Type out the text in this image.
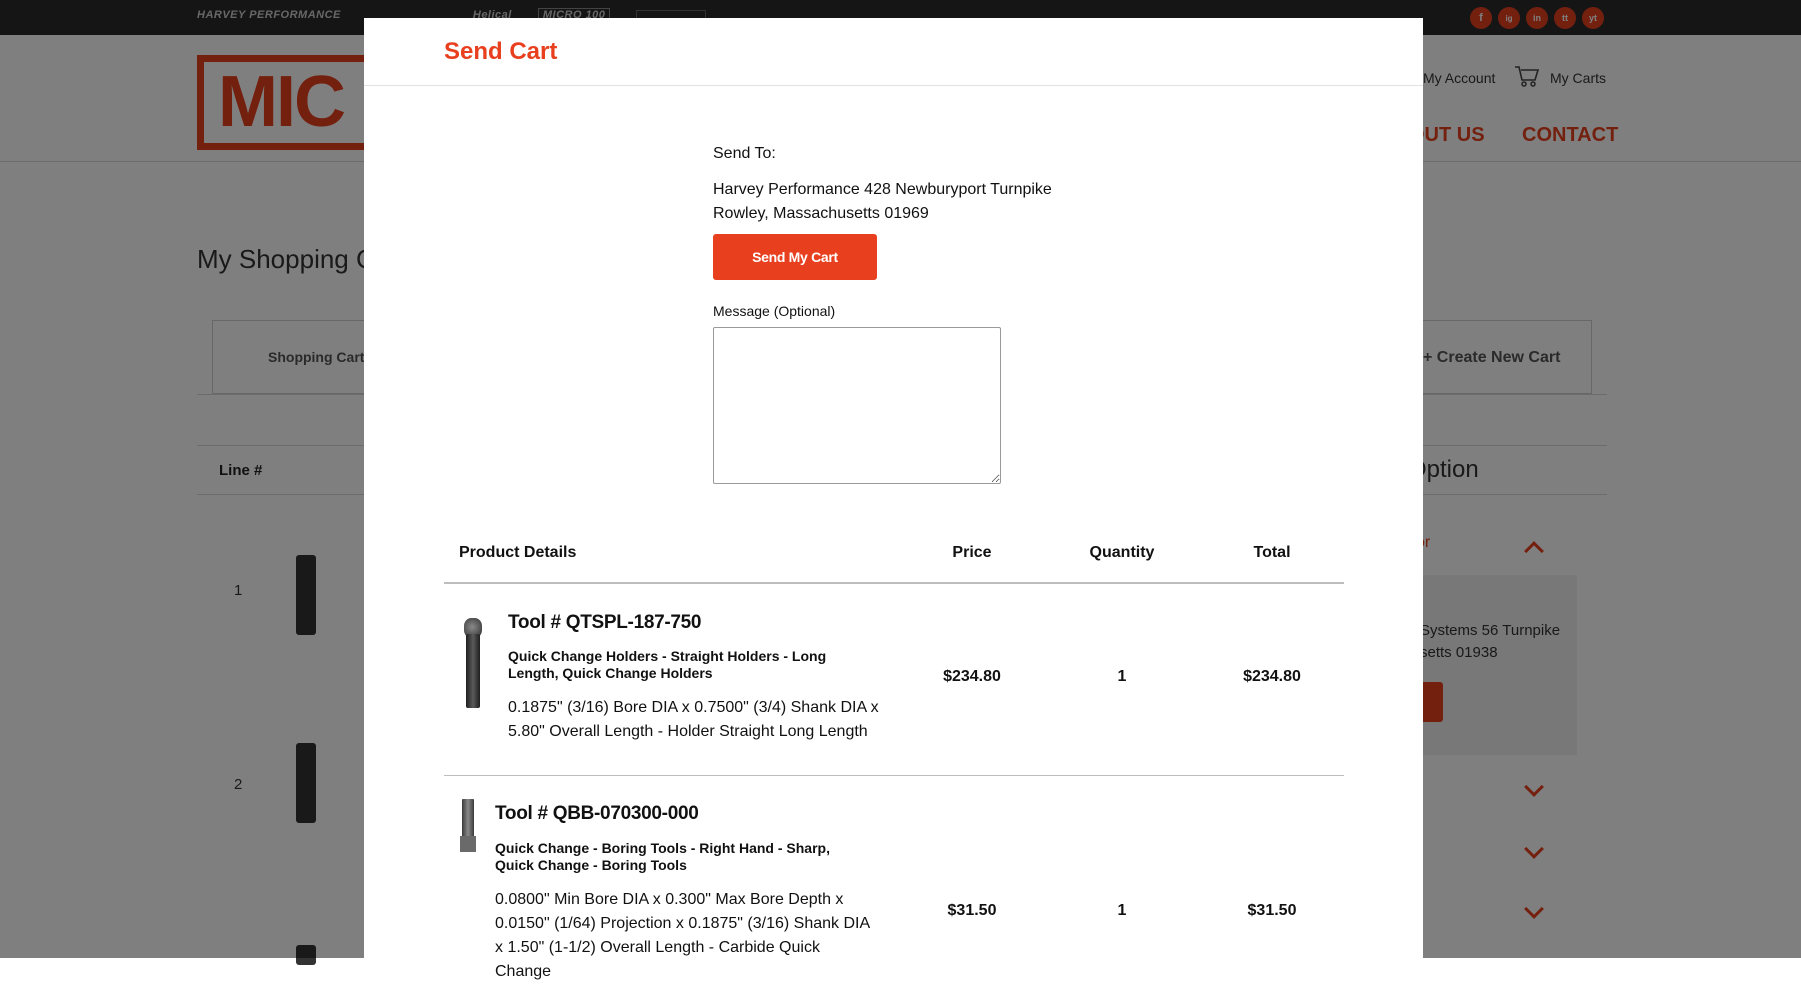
Send Cart
Send To:
Harvey Performance 428 Newburyport Turnpike
Rowley, Massachusetts 01969
Send My Cart
Message (Optional)
Product Details	Price	Quantity	Total
Tool # QTSPL-187-750
Quick Change Holders - Straight Holders - Long Length, Quick Change Holders
0.1875" (3/16) Bore DIA x 0.7500" (3/4) Shank DIA x 5.80" Overall Length - Holder Straight Long Length
$234.80	1	$234.80
Tool # QBB-070300-000
Quick Change - Boring Tools - Right Hand - Sharp, Quick Change - Boring Tools
0.0800" Min Bore DIA x 0.300" Max Bore Depth x 0.0150" (1/64) Projection x 0.1875" (3/16) Shank DIA x 1.50" (1-1/2) Overall Length - Carbide Quick Change
$31.50	1	$31.50
